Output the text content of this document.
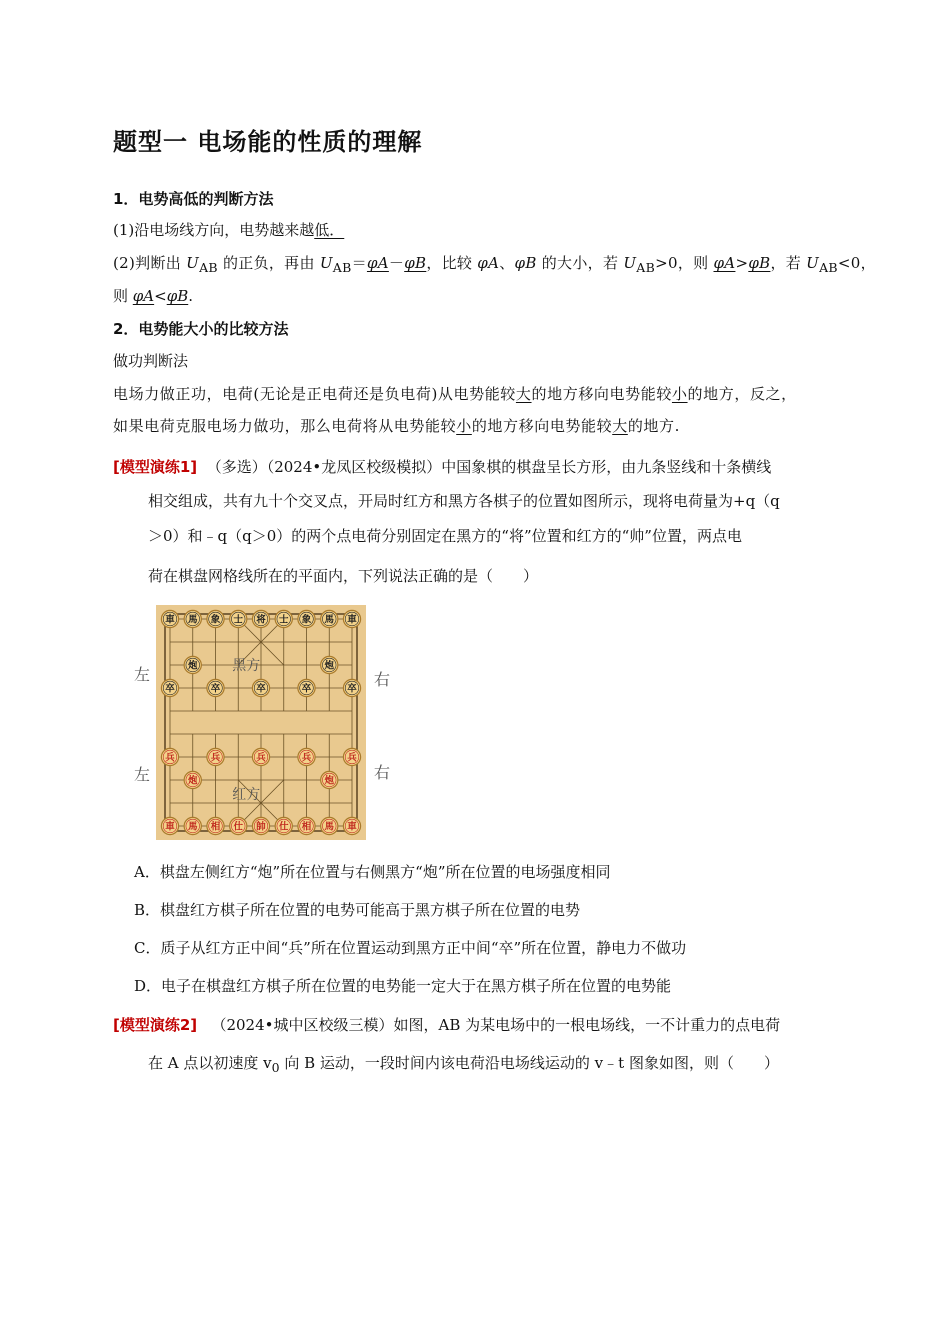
题型一 电场能的性质的理解
1．电势高低的判断方法
(1)沿电场线方向，电势越来越低．
(2)判断出 $U_{AB}$ 的正负，再由 $U_{AB}=\varphi A-\varphi B$，比较 φA、φB 的大小，若 $U_{AB}>0$，则 φA>φB，若 $U_{AB}<0$，
则 φA<φB.
2．电势能大小的比较方法
做功判断法
电场力做正功，电荷(无论是正电荷还是负电荷)从电势能较大的地方移向电势能较小的地方，反之，
如果电荷克服电场力做功，那么电荷将从电势能较小的地方移向电势能较大的地方.
[模型演练1] （多选）（2024•龙凤区校级模拟）中国象棋的棋盘呈长方形，由九条竖线和十条横线
相交组成，共有九十个交叉点，开局时红方和黑方各棋子的位置如图所示，现将电荷量为+q（q
＞0）和﹣q（q＞0）的两个点电荷分别固定在黑方的“将”位置和红方的“帅”位置，两点电
荷在棋盘网格线所在的平面内，下列说法正确的是（　　）
左	右
左	右
黑方
红方
車 馬 象 士 将 士 象 馬 車
炮	炮
卒	卒	卒	卒	卒
兵	兵	兵	兵	兵
炮	炮
車 馬 相 仕 帥 仕 相 馬 車
A．棋盘左侧红方“炮”所在位置与右侧黑方“炮”所在位置的电场强度相同
B．棋盘红方棋子所在位置的电势可能高于黑方棋子所在位置的电势
C．质子从红方正中间“兵”所在位置运动到黑方正中间“卒”所在位置，静电力不做功
D．电子在棋盘红方棋子所在位置的电势能一定大于在黑方棋子所在位置的电势能
[模型演练2] （2024•城中区校级三模）如图，AB 为某电场中的一根电场线，一不计重力的点电荷
在 A 点以初速度 $v_0$ 向 B 运动，一段时间内该电荷沿电场线运动的 v﹣t 图象如图，则（　　）
